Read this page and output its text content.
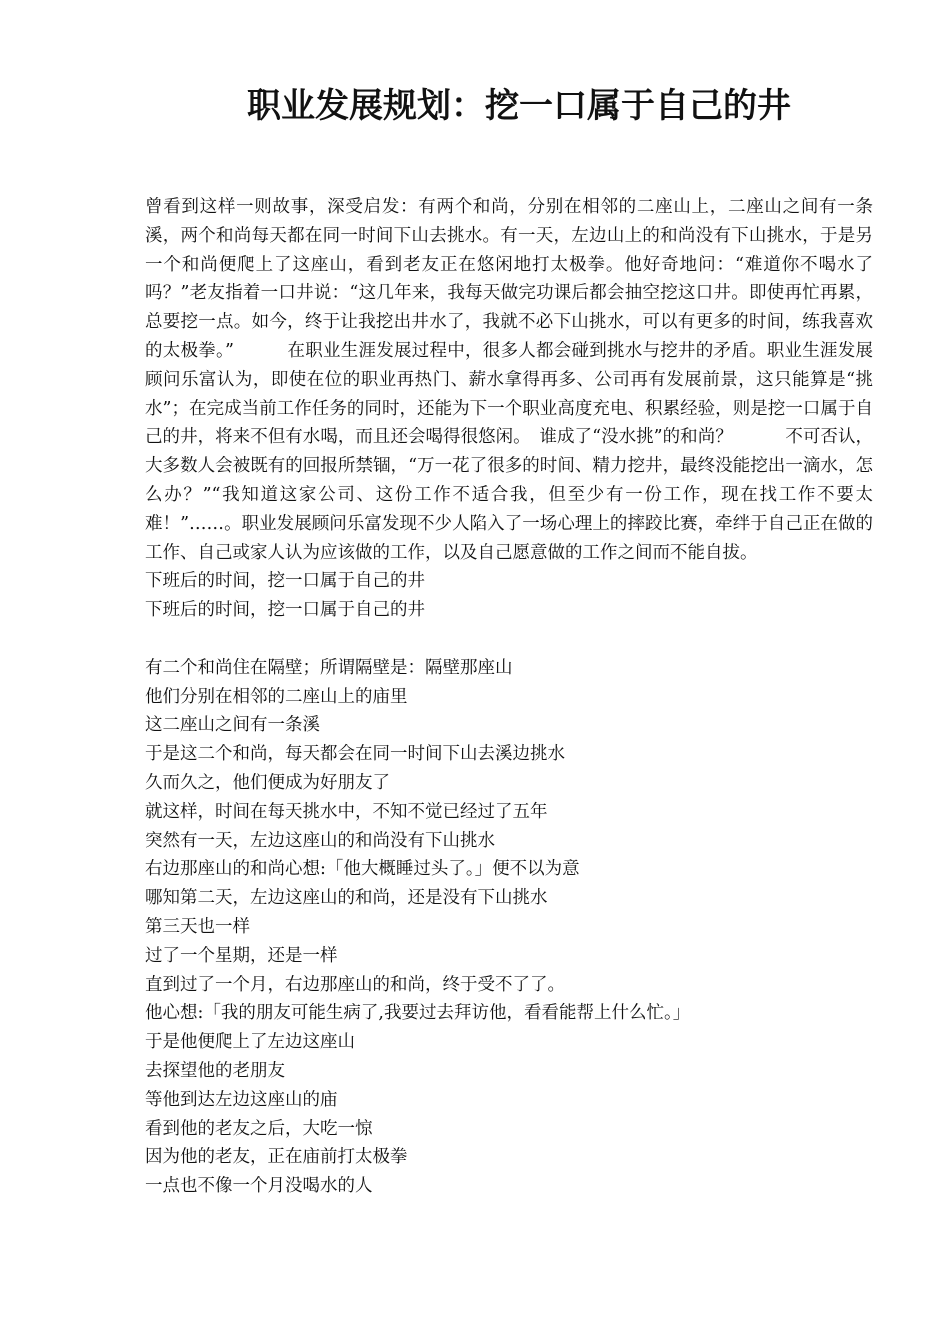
职业发展规划：挖一口属于自己的井

曾看到这样一则故事，深受启发：有两个和尚，分别在相邻的二座山上，二座山之间有一条溪，两个和尚每天都在同一时间下山去挑水。有一天，左边山上的和尚没有下山挑水，于是另一个和尚便爬上了这座山，看到老友正在悠闲地打太极拳。他好奇地问：“难道你不喝水了吗？”老友指着一口井说：“这几年来，我每天做完功课后都会抽空挖这口井。即使再忙再累，总要挖一点。如今，终于让我挖出井水了，我就不必下山挑水，可以有更多的时间，练我喜欢的太极拳。”　　　在职业生涯发展过程中，很多人都会碰到挑水与挖井的矛盾。职业生涯发展顾问乐富认为，即使在位的职业再热门、薪水拿得再多、公司再有发展前景，这只能算是“挑水”；在完成当前工作任务的同时，还能为下一个职业高度充电、积累经验，则是挖一口属于自己的井，将来不但有水喝，而且还会喝得很悠闲。　谁成了“没水挑”的和尚？　　　不可否认，大多数人会被既有的回报所禁锢，“万一花了很多的时间、精力挖井，最终没能挖出一滴水，怎么办？”“我知道这家公司、这份工作不适合我，但至少有一份工作，现在找工作不要太难！”……。职业发展顾问乐富发现不少人陷入了一场心理上的摔跤比赛，牵绊于自己正在做的工作、自己或家人认为应该做的工作，以及自己愿意做的工作之间而不能自拔。

下班后的时间，挖一口属于自己的井

下班后的时间，挖一口属于自己的井

有二个和尚住在隔壁；所谓隔壁是：隔壁那座山

他们分别在相邻的二座山上的庙里

这二座山之间有一条溪

于是这二个和尚，每天都会在同一时间下山去溪边挑水

久而久之，他们便成为好朋友了

就这样，时间在每天挑水中，不知不觉已经过了五年

突然有一天，左边这座山的和尚没有下山挑水

右边那座山的和尚心想:「他大概睡过头了。」便不以为意

哪知第二天，左边这座山的和尚，还是没有下山挑水

第三天也一样

过了一个星期，还是一样

直到过了一个月，右边那座山的和尚，终于受不了了。

他心想:「我的朋友可能生病了,我要过去拜访他，看看能帮上什么忙。」

于是他便爬上了左边这座山

去探望他的老朋友

等他到达左边这座山的庙

看到他的老友之后，大吃一惊

因为他的老友，正在庙前打太极拳

一点也不像一个月没喝水的人
